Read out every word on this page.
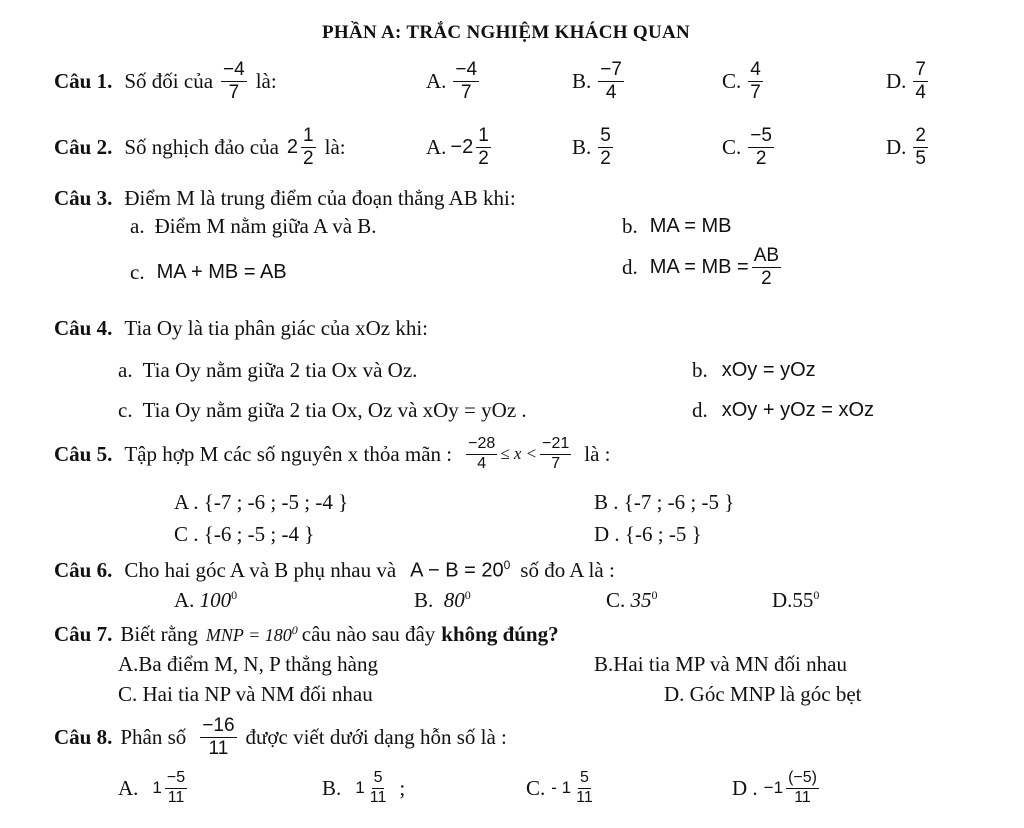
PHẦN A: TRẮC NGHIỆM KHÁCH QUAN
Câu 1. Số đối của $\frac{-4}{7}$ là:	A. $\frac{-4}{7}$	B. $\frac{-7}{4}$	C. $\frac{4}{7}$	D. $\frac{7}{4}$
Câu 2. Số nghịch đảo của $2 \frac{1}{2}$ là:	A. $-2 \frac{1}{2}$	B. $\frac{5}{2}$	C. $\frac{-5}{2}$	D. $\frac{2}{5}$
Câu 3. Điểm M là trung điểm của đoạn thẳng AB khi:
a. Điểm M nằm giữa A và B.	b. MA = MB
c. MA + MB = AB	d. MA = MB = $\frac{AB}{2}$
Câu 4. Tia Oy là tia phân giác của xOz khi:
a. Tia Oy nằm giữa 2 tia Ox và Oz.	b. xOy = yOz
c. Tia Oy nằm giữa 2 tia Ox, Oz và xOy = yOz .	d. xOy + yOz = xOz
Câu 5. Tập hợp M các số nguyên x thỏa mãn : $\frac{-28}{4} \le x < \frac{-21}{7}$ là :
A . {-7 ; -6 ; -5 ; -4 }	B . {-7 ; -6 ; -5 }
C . {-6 ; -5 ; -4 }	D . {-6 ; -5 }
Câu 6. Cho hai góc A và B phụ nhau và $A - B = 20^0$ số đo A là :
A. $100^0$	B. $80^0$	C. $35^0$	$D.55^0$
Câu 7. Biết rằng MNP = $180^0$ câu nào sau đây không đúng?
A.Ba điểm M, N, P thẳng hàng	B.Hai tia MP và MN đối nhau
C. Hai tia NP và NM đối nhau	D. Góc MNP là góc bẹt
Câu 8. Phân số $\frac{-16}{11}$ được viết dưới dạng hỗn số là :
A. $1 \frac{-5}{11}$	B. $1 \frac{5}{11}$ ;	C. - $1 \frac{5}{11}$	D . $-1 \frac{(-5)}{11}$
